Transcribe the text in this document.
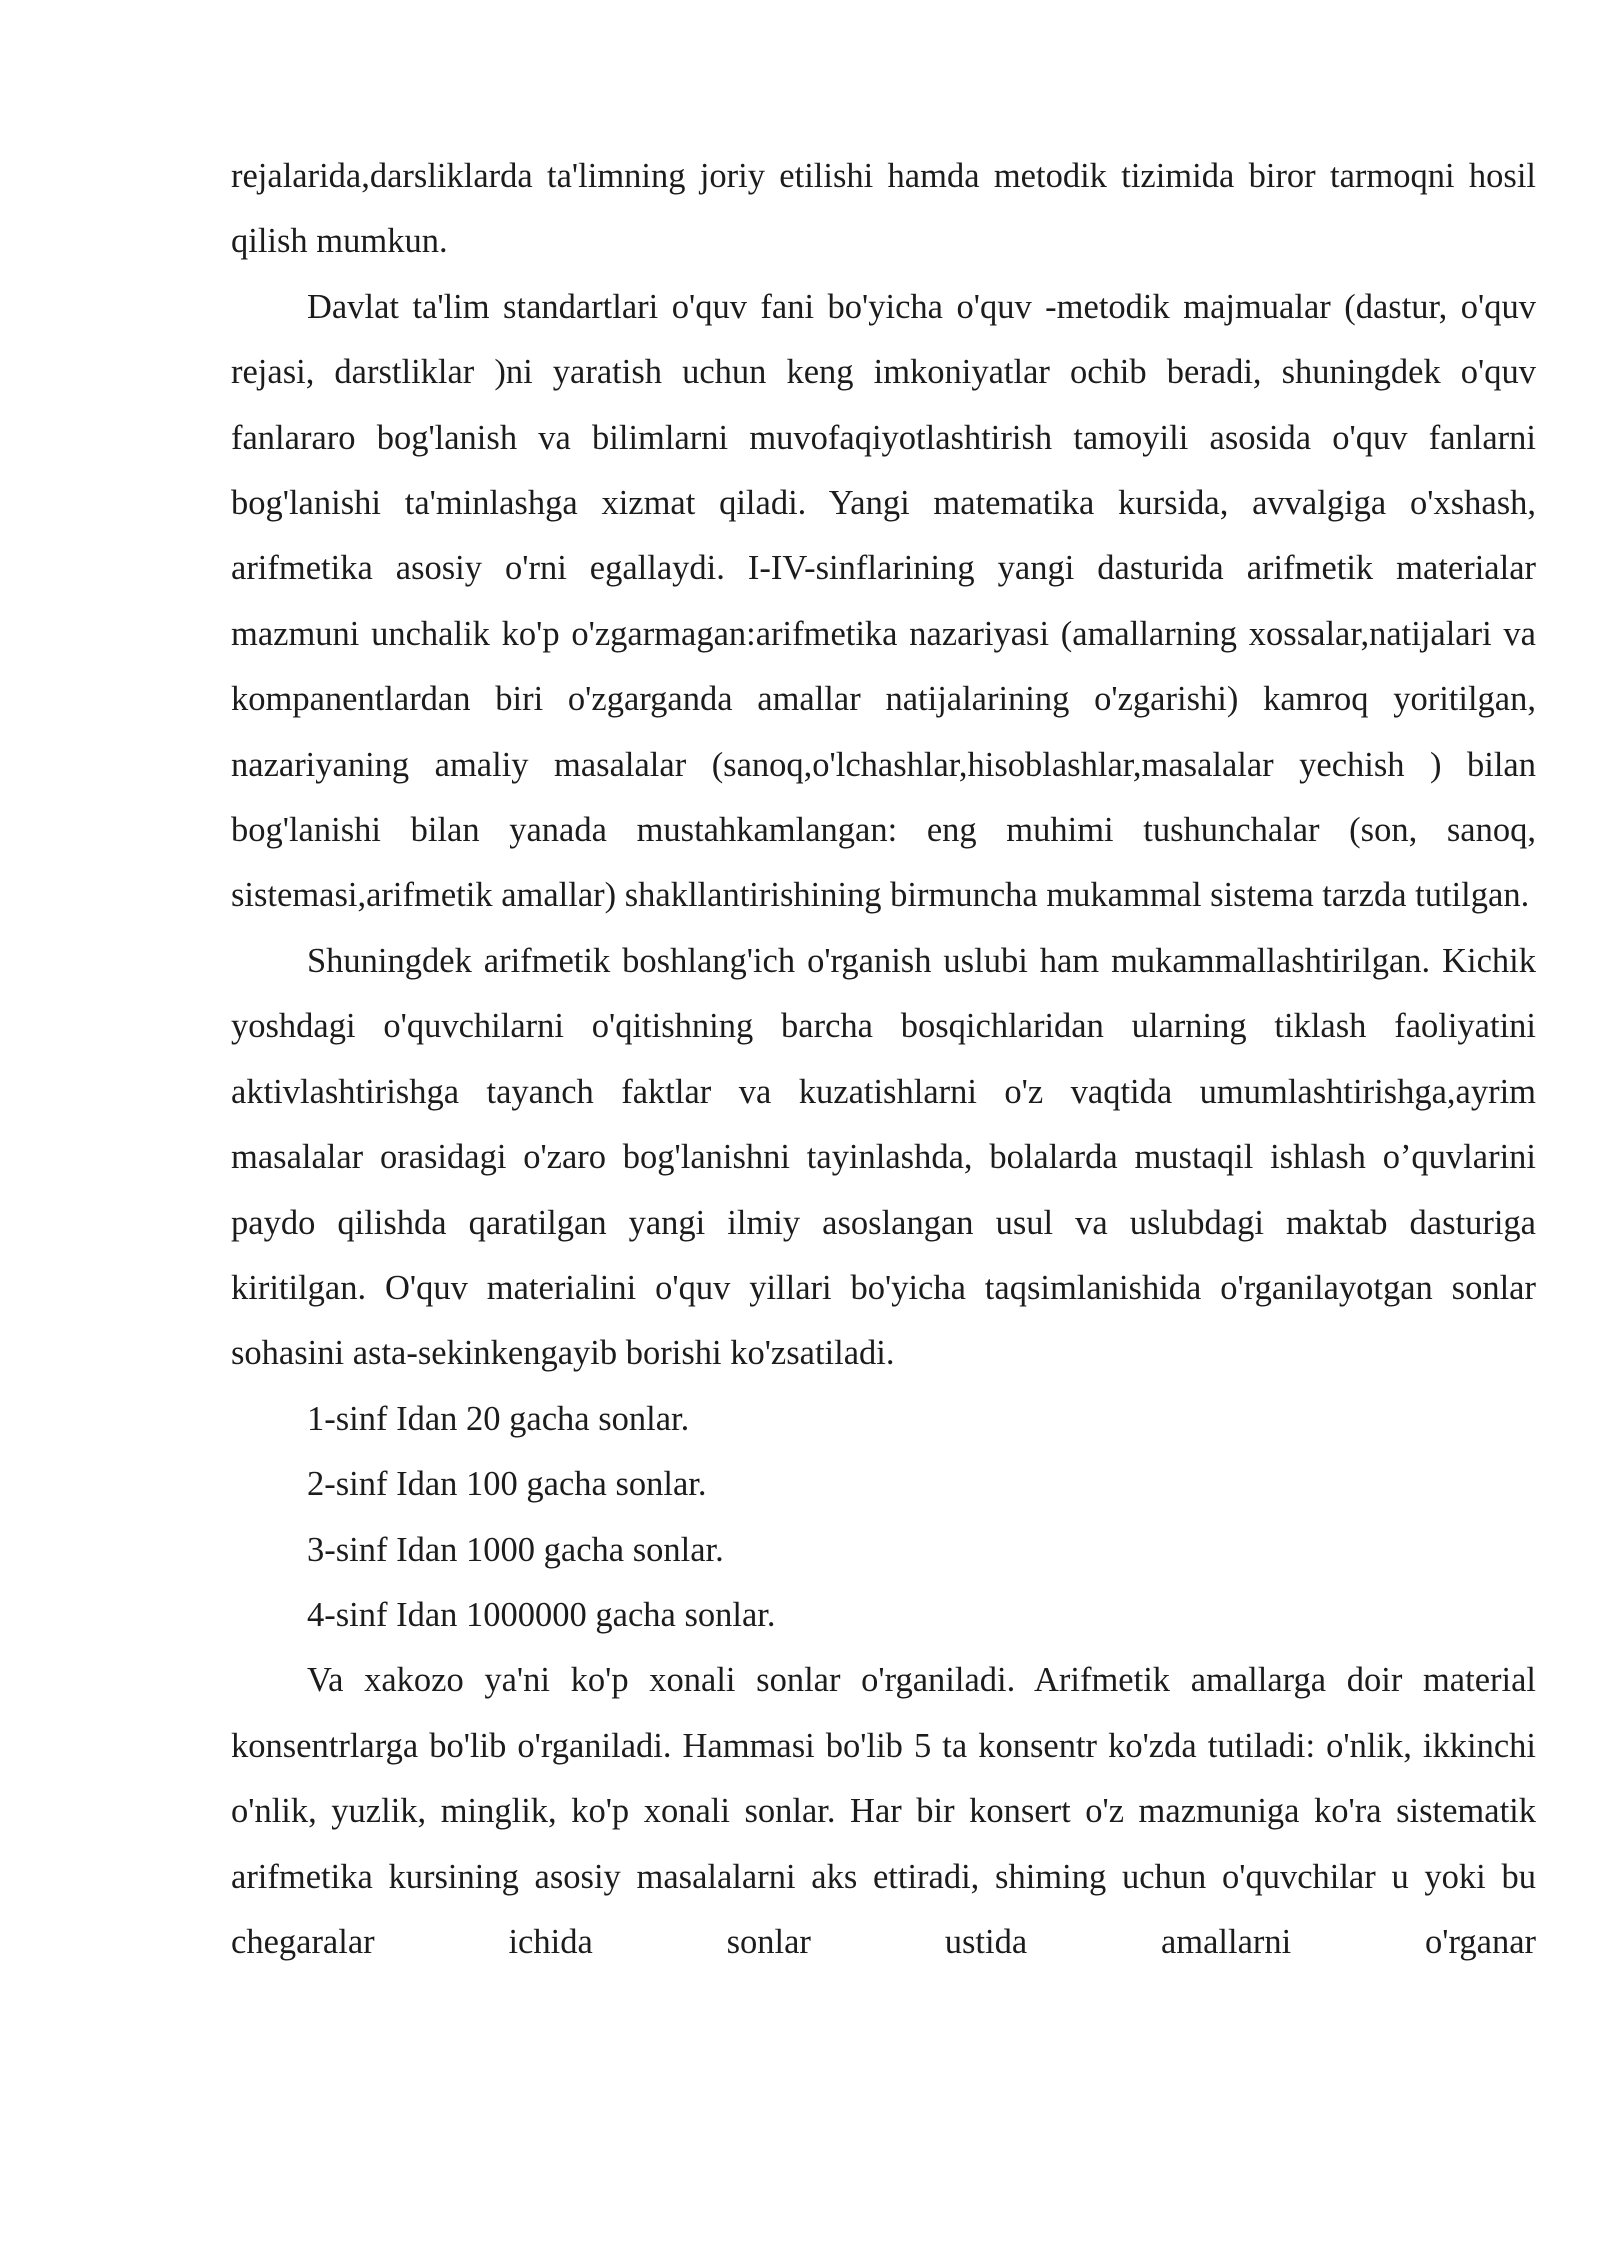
rejalarida,darsliklarda ta'limning joriy etilishi hamda metodik tizimida biror tarmoqni hosil qilish mumkun.

Davlat ta'lim standartlari o'quv fani bo'yicha o'quv -metodik majmualar (dastur, o'quv rejasi, darstliklar )ni yaratish uchun keng imkoniyatlar ochib beradi, shuningdek o'quv fanlararo bog'lanish va bilimlarni muvofaqiyotlashtirish tamoyili asosida o'quv fanlarni bog'lanishi ta'minlashga xizmat qiladi. Yangi matematika kursida, avvalgiga o'xshash, arifmetika asosiy o'rni egallaydi. I-IV-sinflarining yangi dasturida arifmetik materialar mazmuni unchalik ko'p o'zgarmagan:arifmetika nazariyasi (amallarning xossalar,natijalari va kompanentlardan biri o'zgarganda amallar natijalarining o'zgarishi) kamroq yoritilgan, nazariyaning amaliy masalalar (sanoq,o'lchashlar,hisoblashlar,masalalar yechish ) bilan bog'lanishi bilan yanada mustahkamlangan: eng muhimi tushunchalar (son, sanoq, sistemasi,arifmetik amallar) shakllantirishining birmuncha mukammal sistema tarzda tutilgan.

Shuningdek arifmetik boshlang'ich o'rganish uslubi ham mukammallashtirilgan. Kichik yoshdagi o'quvchilarni o'qitishning barcha bosqichlaridan ularning tiklash faoliyatini aktivlashtirishga tayanch faktlar va kuzatishlarni o'z vaqtida umumlashtirishga,ayrim masalalar orasidagi o'zaro bog'lanishni tayinlashda, bolalarda mustaqil ishlash o’quvlarini paydo qilishda qaratilgan yangi ilmiy asoslangan usul va uslubdagi maktab dasturiga kiritilgan. O'quv materialini o'quv yillari bo'yicha taqsimlanishida o'rganilayotgan sonlar sohasini asta-sekinkengayib borishi ko'zsatiladi.

1-sinf Idan 20 gacha sonlar.

2-sinf Idan 100 gacha sonlar.

3-sinf Idan 1000 gacha sonlar.

4-sinf Idan 1000000 gacha sonlar.

Va xakozo ya'ni ko'p xonali sonlar o'rganiladi. Arifmetik amallarga doir material konsentrlarga bo'lib o'rganiladi. Hammasi bo'lib 5 ta konsentr ko'zda tutiladi: o'nlik, ikkinchi o'nlik, yuzlik, minglik, ko'p xonali sonlar. Har bir konsert o'z mazmuniga ko'ra sistematik arifmetika kursining asosiy masalalarni aks ettiradi, shiming uchun o'quvchilar u yoki bu chegaralar ichida sonlar ustida amallarni o'rganar
